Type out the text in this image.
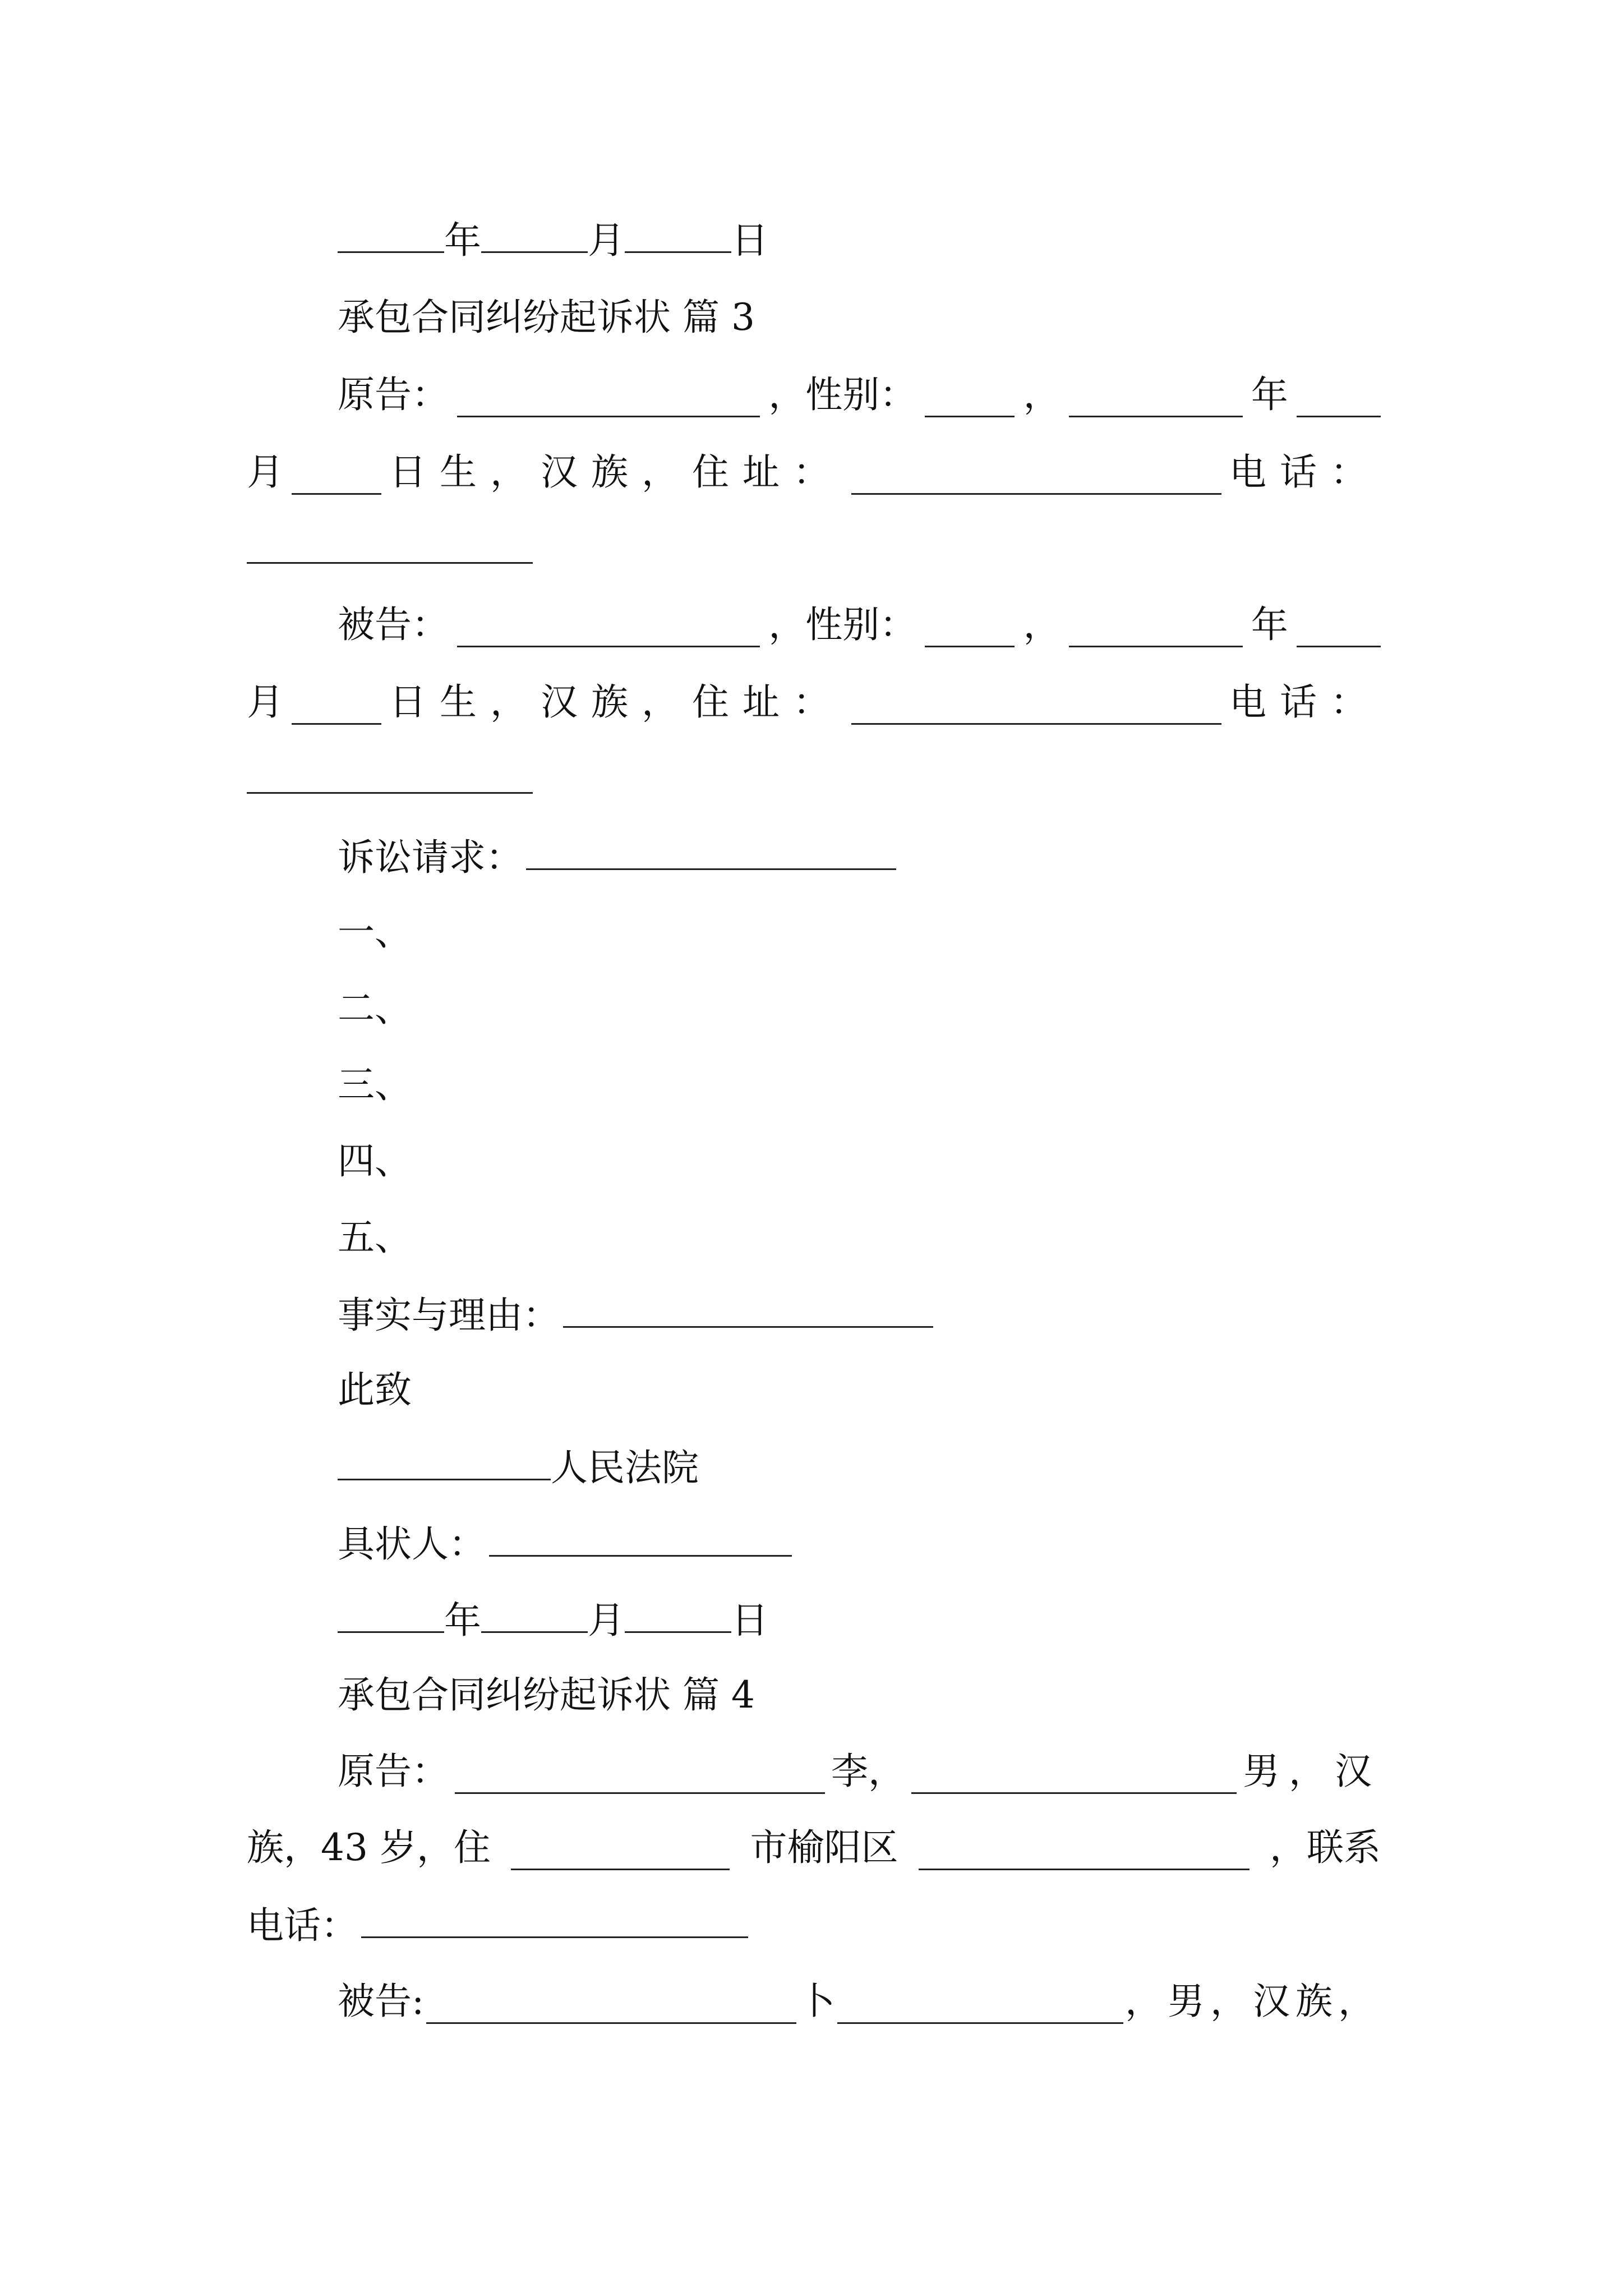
年	月	日
承包合同纠纷起诉状 篇 3
原告：	，性别：	，	年
月	日生，汉族，住址：	电话：
被告：	，性别：	，	年
月	日生，汉族，住址：	电话：
诉讼请求：
一、
二、
三、
四、
五、
事实与理由：
此致
人民法院
具状人：
年	月	日
承包合同纠纷起诉状 篇 4
原告：	李，	男，汉
族，43 岁，住	市榆阳区	，联系
电话：
被告:	卜	，男，汉族，
